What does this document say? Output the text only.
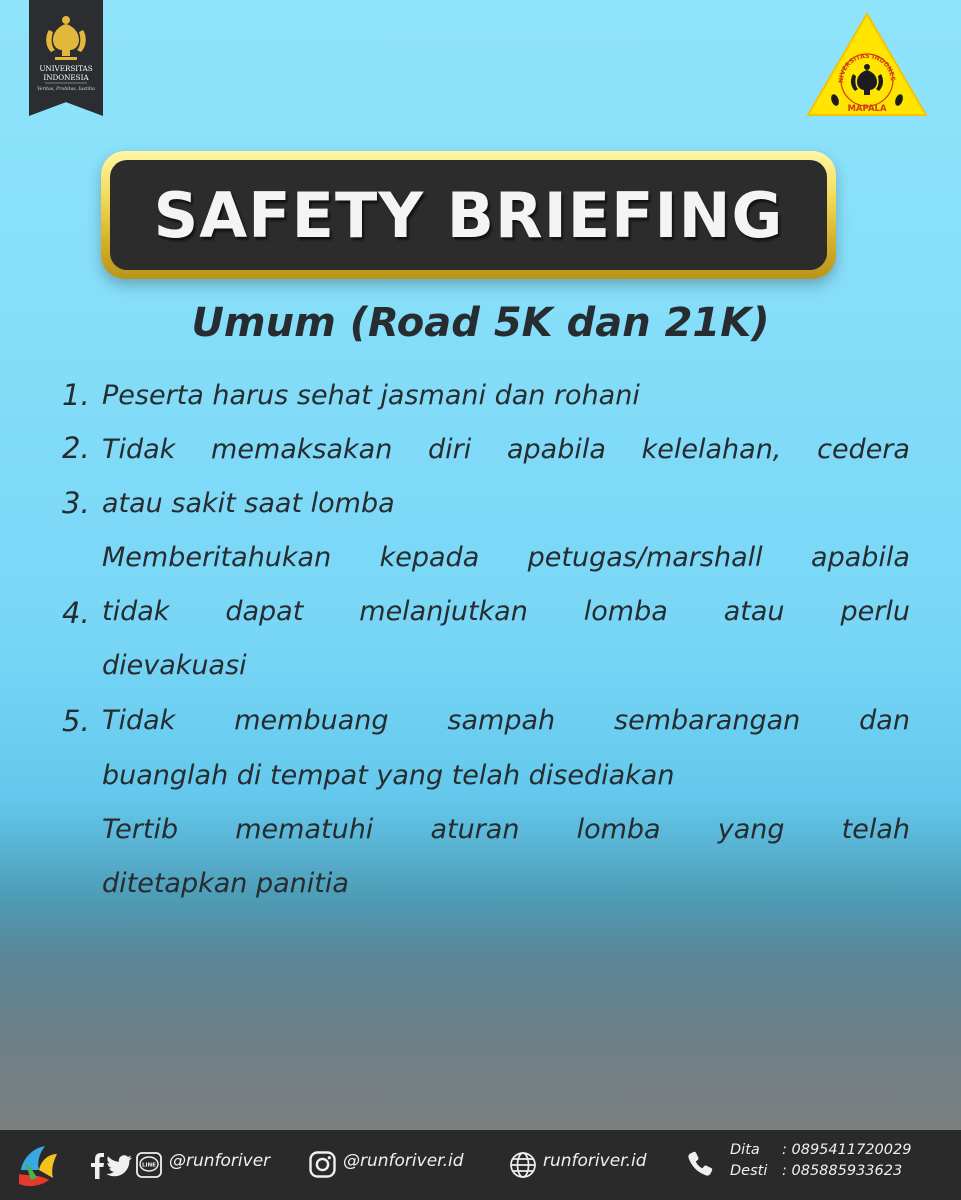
UNIVERSITAS
INDONESIA
Veritas, Probitas, Iustitia
NIVERSITAS INDONES
MAPALA
SAFETY BRIEFING
Umum (Road 5K dan 21K)
1.
2.
3.
4.
5.
Peserta harus sehat jasmani dan rohani
Tidak memaksakan diri apabila kelelahan, cedera
atau sakit saat lomba
Memberitahukan kepada petugas/marshall apabila
tidak dapat melanjutkan lomba atau perlu
dievakuasi
Tidak membuang sampah sembarangan dan
buanglah di tempat yang telah disediakan
Tertib mematuhi aturan lomba yang telah
ditetapkan panitia
LINE @runforiver	@runforiver.id	runforiver.id
Dita	: 0895411720029
Desti	: 085885933623
